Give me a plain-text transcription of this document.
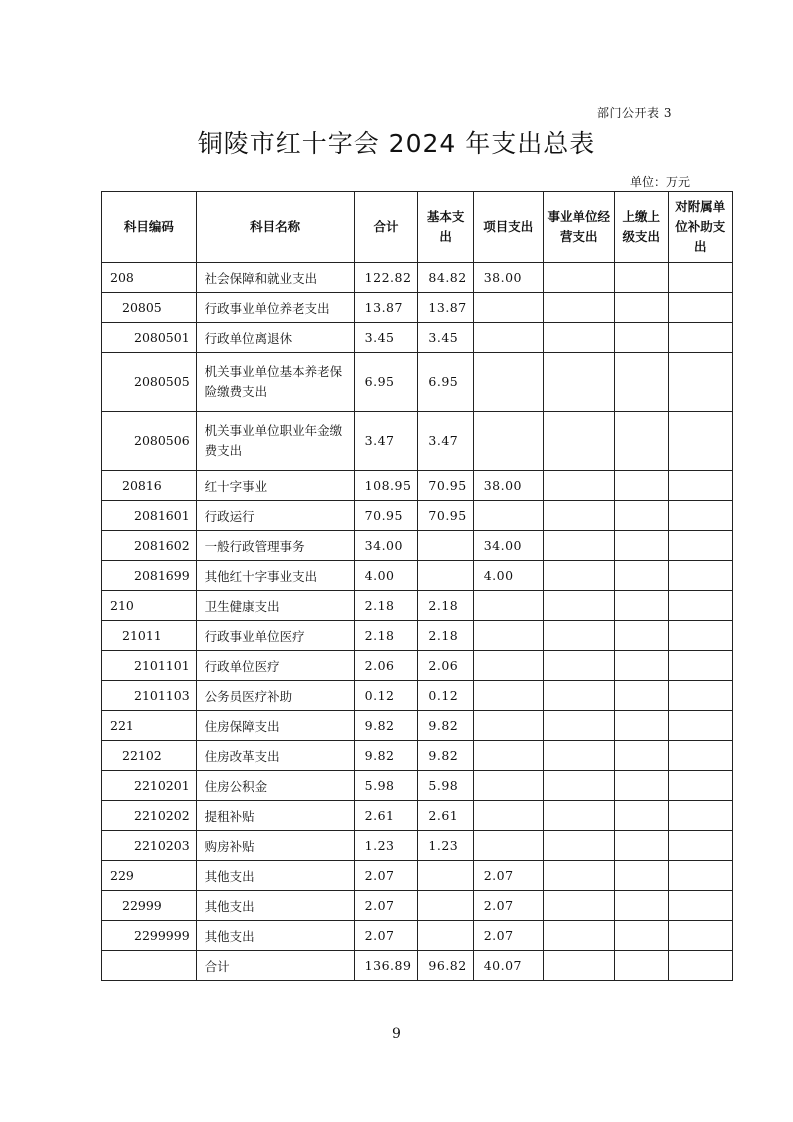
部门公开表 3
铜陵市红十字会 2024 年支出总表
单位：万元
科目编码	科目名称	合计	基本支出	项目支出	事业单位经营支出	上缴上级支出	对附属单位补助支出
208	社会保障和就业支出	122.82	84.82	38.00			
20805	行政事业单位养老支出	13.87	13.87				
2080501	行政单位离退休	3.45	3.45				
2080505	机关事业单位基本养老保险缴费支出	6.95	6.95				
2080506	机关事业单位职业年金缴费支出	3.47	3.47				
20816	红十字事业	108.95	70.95	38.00			
2081601	行政运行	70.95	70.95				
2081602	一般行政管理事务	34.00		34.00			
2081699	其他红十字事业支出	4.00		4.00			
210	卫生健康支出	2.18	2.18				
21011	行政事业单位医疗	2.18	2.18				
2101101	行政单位医疗	2.06	2.06				
2101103	公务员医疗补助	0.12	0.12				
221	住房保障支出	9.82	9.82				
22102	住房改革支出	9.82	9.82				
2210201	住房公积金	5.98	5.98				
2210202	提租补贴	2.61	2.61				
2210203	购房补贴	1.23	1.23				
229	其他支出	2.07		2.07			
22999	其他支出	2.07		2.07			
2299999	其他支出	2.07		2.07			
	合计	136.89	96.82	40.07			
9
